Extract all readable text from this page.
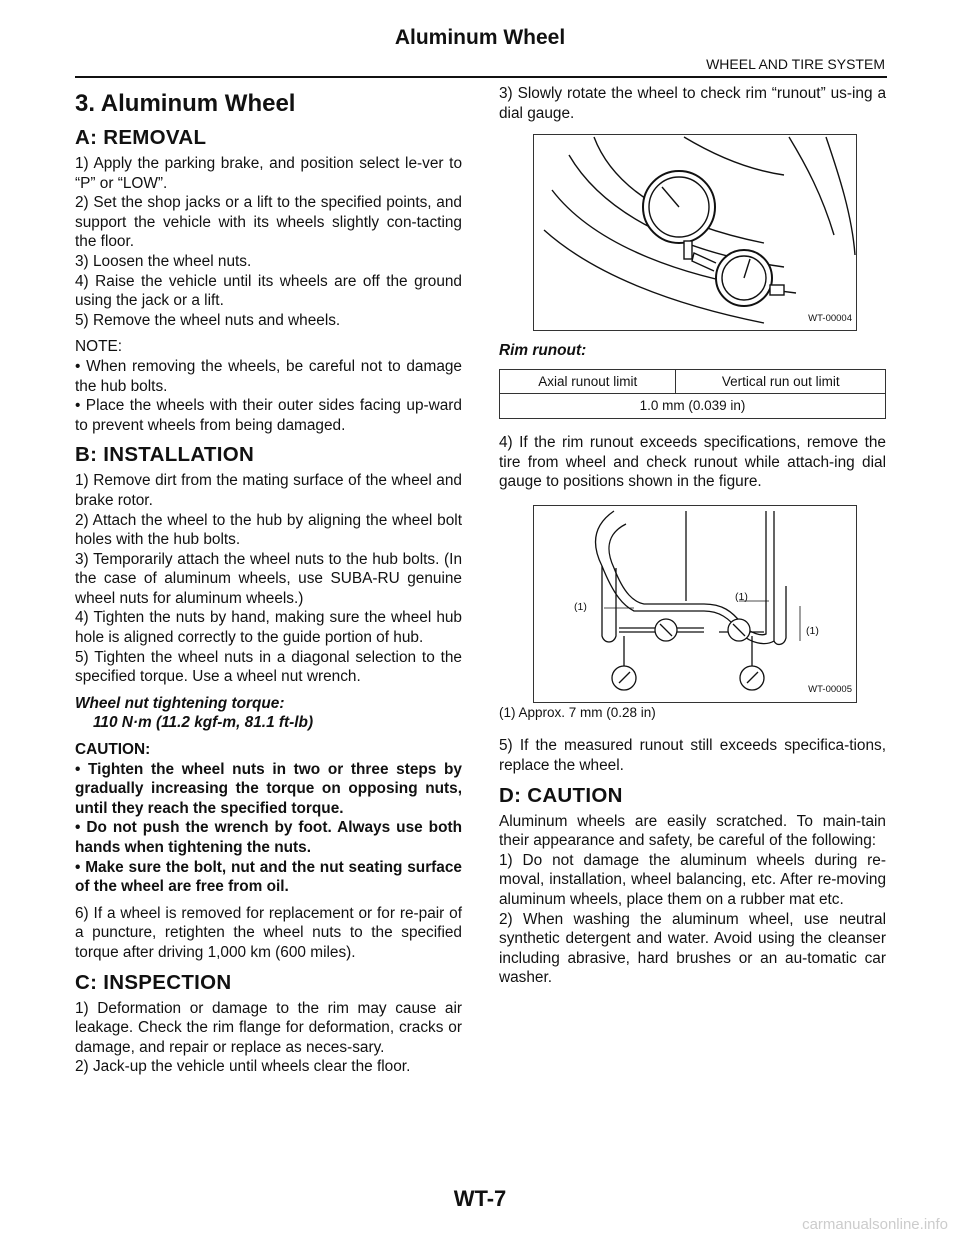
Aluminum Wheel
WHEEL AND TIRE SYSTEM
3. Aluminum Wheel
A: REMOVAL

1) Apply the parking brake, and position select le-ver to “P” or “LOW”.

2) Set the shop jacks or a lift to the specified points, and support the vehicle with its wheels slightly con-tacting the floor.

3) Loosen the wheel nuts.

4) Raise the vehicle until its wheels are off the ground using the jack or a lift.

5) Remove the wheel nuts and wheels.

NOTE:

• When removing the wheels, be careful not to damage the hub bolts.

• Place the wheels with their outer sides facing up-ward to prevent wheels from being damaged.

B: INSTALLATION

1) Remove dirt from the mating surface of the wheel and brake rotor.

2) Attach the wheel to the hub by aligning the wheel bolt holes with the hub bolts.

3) Temporarily attach the wheel nuts to the hub bolts. (In the case of aluminum wheels, use SUBA-RU genuine wheel nuts for aluminum wheels.)

4) Tighten the nuts by hand, making sure the wheel hub hole is aligned correctly to the guide portion of hub.

5) Tighten the wheel nuts in a diagonal selection to the specified torque. Use a wheel nut wrench.

Wheel nut tightening torque:

110 N·m (11.2 kgf-m, 81.1 ft-lb)

CAUTION:

• Tighten the wheel nuts in two or three steps by gradually increasing the torque on opposing nuts, until they reach the specified torque.

• Do not push the wrench by foot. Always use both hands when tightening the nuts.

• Make sure the bolt, nut and the nut seating surface of the wheel are free from oil.

6) If a wheel is removed for replacement or for re-pair of a puncture, retighten the wheel nuts to the specified torque after driving 1,000 km (600 miles).

C: INSPECTION

1) Deformation or damage to the rim may cause air leakage. Check the rim flange for deformation, cracks or damage, and repair or replace as neces-sary.

2) Jack-up the vehicle until wheels clear the floor.

3) Slowly rotate the wheel to check rim “runout” us-ing a dial gauge.

WT-00004

Rim runout:

Axial runout limit	Vertical run out limit
1.0 mm (0.039 in)

4) If the rim runout exceeds specifications, remove the tire from wheel and check runout while attach-ing dial gauge to positions shown in the figure.

(1)
(1)
(1)
WT-00005

(1) Approx. 7 mm (0.28 in)

5) If the measured runout still exceeds specifica-tions, replace the wheel.

D: CAUTION

Aluminum wheels are easily scratched. To main-tain their appearance and safety, be careful of the following:

1) Do not damage the aluminum wheels during re-moval, installation, wheel balancing, etc. After re-moving aluminum wheels, place them on a rubber mat etc.

2) When washing the aluminum wheel, use neutral synthetic detergent and water. Avoid using the cleanser including abrasive, hard brushes or an au-tomatic car washer.

WT-7
carmanualsonline.info
